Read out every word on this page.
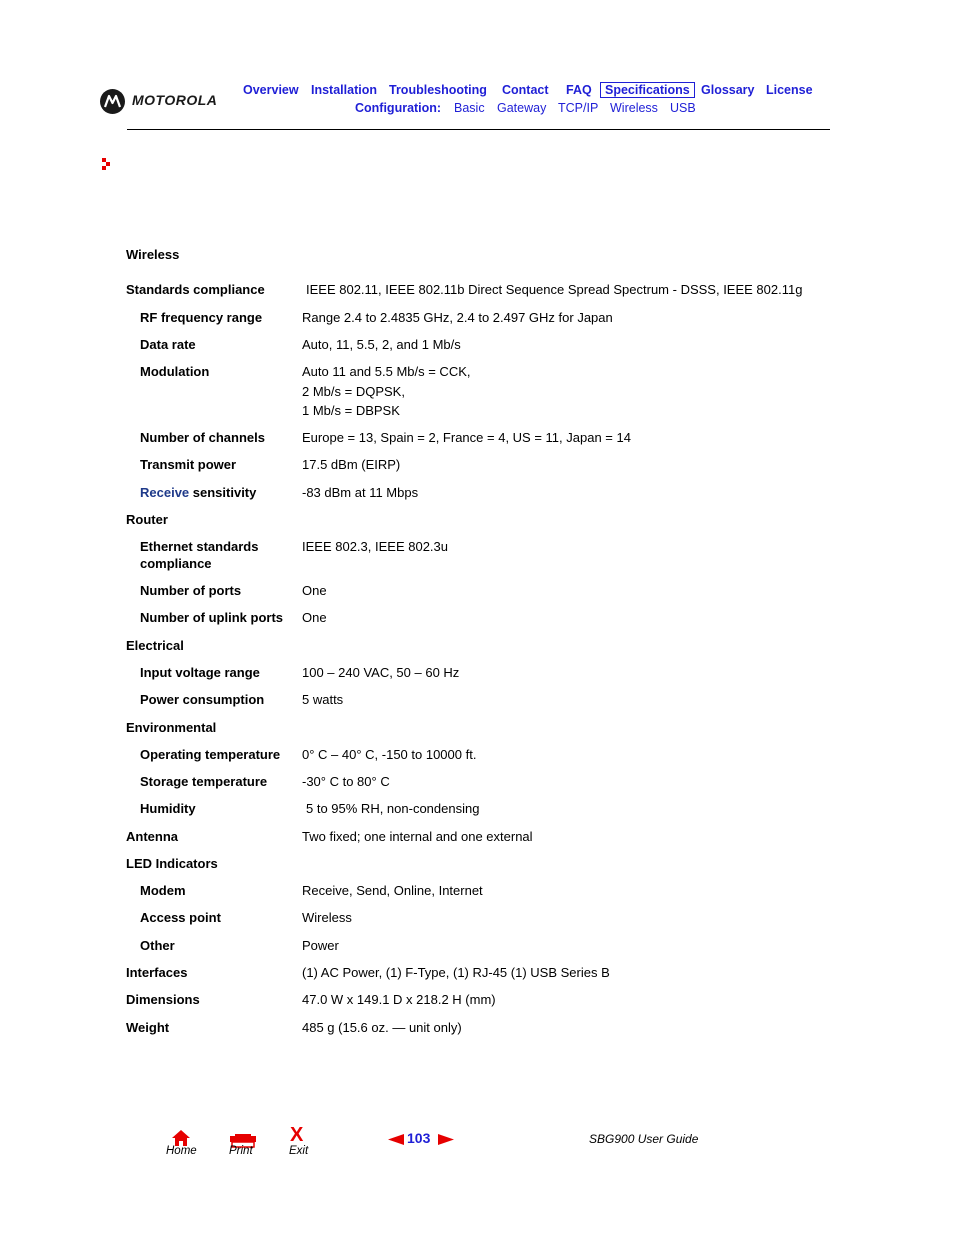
MOTOROLA
Overview Installation Troubleshooting Contact FAQ	Specifications Glossary License
Configuration: Basic Gateway TCP/IP Wireless USB
Wireless
Standards compliance	IEEE 802.11, IEEE 802.11b Direct Sequence Spread Spectrum - DSSS, IEEE 802.11g
RF frequency range	Range 2.4 to 2.4835 GHz, 2.4 to 2.497 GHz for Japan
Data rate	Auto, 11, 5.5, 2, and 1 Mb/s
Modulation	Auto 11 and 5.5 Mb/s = CCK,
2 Mb/s = DQPSK,
1 Mb/s = DBPSK
Number of channels	Europe = 13, Spain = 2, France = 4, US = 11, Japan = 14
Transmit power	17.5 dBm (EIRP)
Receive sensitivity	-83 dBm at 11 Mbps
Router
Ethernet standards
compliance
IEEE 802.3, IEEE 802.3u
Number of ports	One
Number of uplink ports One
Electrical
Input voltage range	100 – 240 VAC, 50 – 60 Hz
Power consumption	5 watts
Environmental
Operating temperature 0° C – 40° C, -150 to 10000 ft.
Storage temperature	-30° C to 80° C
Humidity	5 to 95% RH, non-condensing
Antenna	Two fixed; one internal and one external
LED Indicators
Modem	Receive, Send, Online, Internet
Access point	Wireless
Other	Power
Interfaces	(1) AC Power, (1) F-Type, (1) RJ-45 (1) USB Series B
Dimensions	47.0 W x 149.1 D x 218.2 H (mm)
Weight	485 g (15.6 oz. — unit only)
Home	Print
X
Exit
103	SBG900 User Guide
